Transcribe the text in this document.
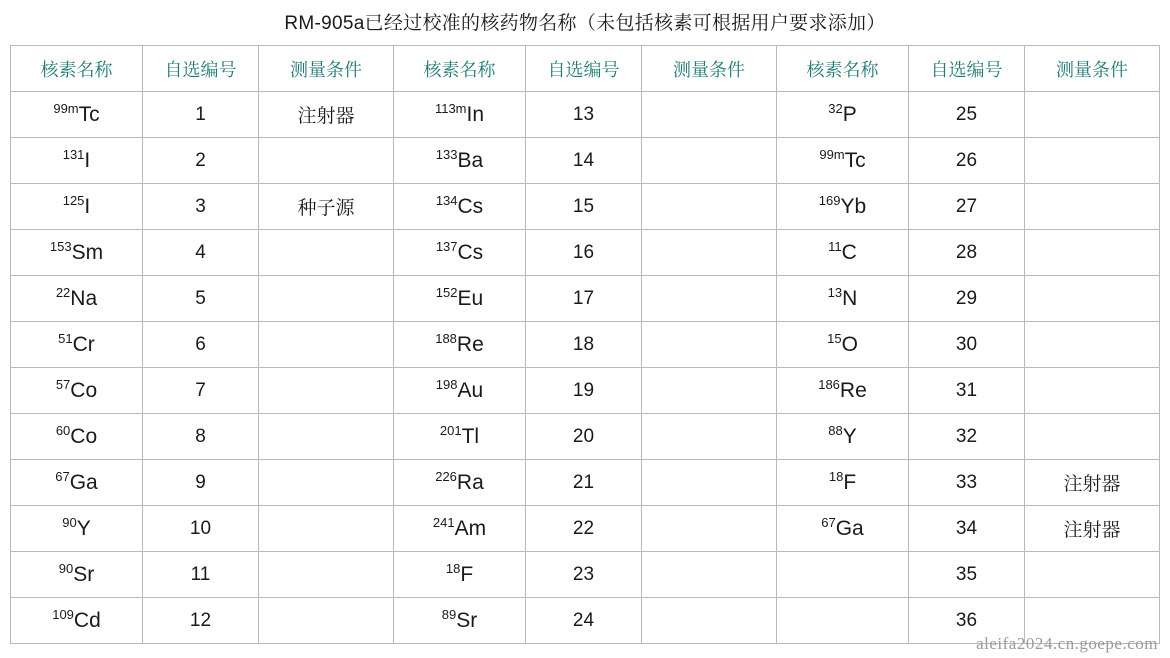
RM-905a已经过校准的核药物名称（未包括核素可根据用户要求添加）
核素名称	自选编号	测量条件	核素名称	自选编号	测量条件	核素名称	自选编号	测量条件
$^{99m}$Tc	1	注射器	$^{113m}$In	13		$^{32}$P	25	
$^{131}$I	2		$^{133}$Ba	14		$^{99m}$Tc	26	
$^{125}$I	3	种子源	$^{134}$Cs	15		$^{169}$Yb	27	
$^{153}$Sm	4		$^{137}$Cs	16		$^{11}$C	28	
$^{22}$Na	5		$^{152}$Eu	17		$^{13}$N	29	
$^{51}$Cr	6		$^{188}$Re	18		$^{15}$O	30	
$^{57}$Co	7		$^{198}$Au	19		$^{186}$Re	31	
$^{60}$Co	8		$^{201}$Tl	20		$^{88}$Y	32	
$^{67}$Ga	9		$^{226}$Ra	21		$^{18}$F	33	注射器
$^{90}$Y	10		$^{241}$Am	22		$^{67}$Ga	34	注射器
$^{90}$Sr	11		$^{18}$F	23			35	
$^{109}$Cd	12		$^{89}$Sr	24			36	
aleifa2024.cn.goepe.com
